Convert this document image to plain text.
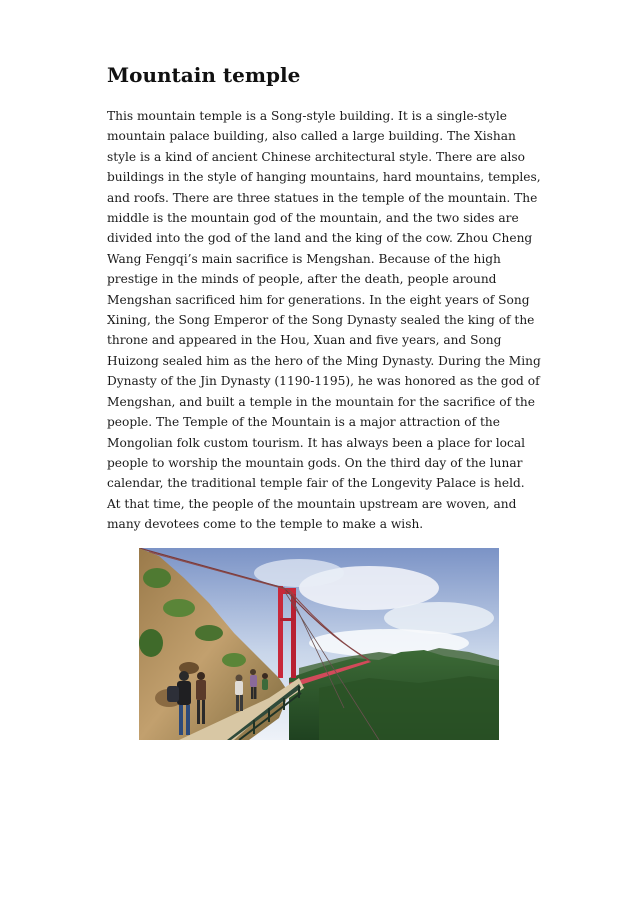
Mountain temple
This mountain temple is a Song-style building. It is a single-style
mountain palace building, also called a large building. The Xishan
style is a kind of ancient Chinese architectural style. There are also
buildings in the style of hanging mountains, hard mountains, temples,
and roofs. There are three statues in the temple of the mountain. The
middle is the mountain god of the mountain, and the two sides are
divided into the god of the land and the king of the cow. Zhou Cheng
Wang Fengqi’s main sacrifice is Mengshan. Because of the high
prestige in the minds of people, after the death, people around
Mengshan sacrificed him for generations. In the eight years of Song
Xining, the Song Emperor of the Song Dynasty sealed the king of the
throne and appeared in the Hou, Xuan and five years, and Song
Huizong sealed him as the hero of the Ming Dynasty. During the Ming
Dynasty of the Jin Dynasty (1190-1195), he was honored as the god of
Mengshan, and built a temple in the mountain for the sacrifice of the
people. The Temple of the Mountain is a major attraction of the
Mongolian folk custom tourism. It has always been a place for local
people to worship the mountain gods. On the third day of the lunar
calendar, the traditional temple fair of the Longevity Palace is held.
At that time, the people of the mountain upstream are woven, and
many devotees come to the temple to make a wish.
